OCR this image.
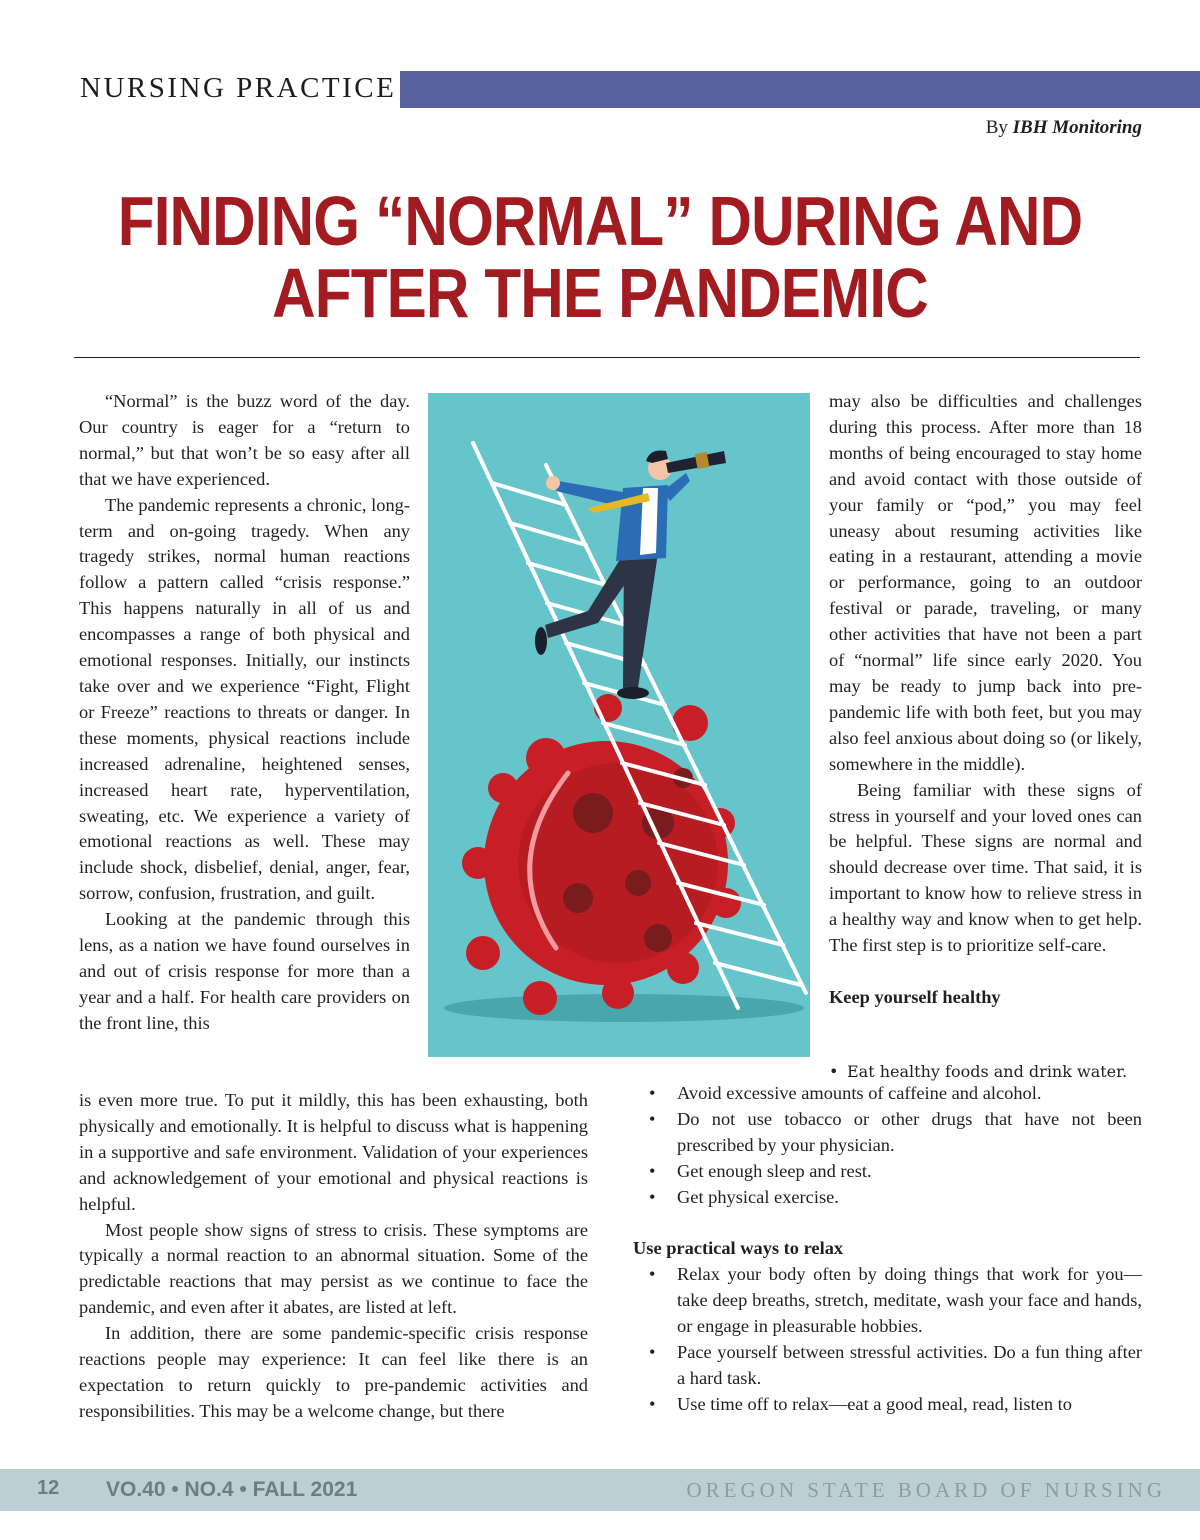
NURSING PRACTICE
By IBH Monitoring
FINDING “NORMAL” DURING AND
AFTER THE PANDEMIC

“Normal” is the buzz word of the day. Our country is eager for a “return to normal,” but that won’t be so easy after all that we have experienced.

The pandemic represents a chronic, long-term and on-going tragedy. When any tragedy strikes, normal human reactions follow a pattern called “crisis response.” This happens naturally in all of us and encompasses a range of both physical and emotional responses. Initially, our instincts take over and we experience “Fight, Flight or Freeze” reactions to threats or danger. In these moments, physical reactions include increased adrenaline, heightened senses, increased heart rate, hyperventilation, sweating, etc. We experience a variety of emotional reactions as well. These may include shock, disbelief, denial, anger, fear, sorrow, confusion, frustration, and guilt.

Looking at the pandemic through this lens, as a nation we have found ourselves in and out of crisis response for more than a year and a half. For health care providers on the front line, this

is even more true. To put it mildly, this has been exhausting, both physically and emotionally. It is helpful to discuss what is happening in a supportive and safe environment. Validation of your experiences and acknowledgement of your emotional and physical reactions is helpful.

Most people show signs of stress to crisis. These symptoms are typically a normal reaction to an abnormal situation. Some of the predictable reactions that may persist as we continue to face the pandemic, and even after it abates, are listed at left.

In addition, there are some pandemic-specific crisis response reactions people may experience: It can feel like there is an expectation to return quickly to pre-pandemic activities and responsibilities. This may be a welcome change, but there

may also be difficulties and challenges during this process. After more than 18 months of being encouraged to stay home and avoid contact with those outside of your family or “pod,” you may feel uneasy about resuming activities like eating in a restaurant, attending a movie or performance, going to an outdoor festival or parade, traveling, or many other activities that have not been a part of “normal” life since early 2020. You may be ready to jump back into pre-pandemic life with both feet, but you may also feel anxious about doing so (or likely, somewhere in the middle).

Being familiar with these signs of stress in yourself and your loved ones can be helpful. These signs are normal and should decrease over time. That said, it is important to know how to relieve stress in a healthy way and know when to get help. The first step is to prioritize self-care.

Keep yourself healthy
• Eat healthy foods and drink water.
• Avoid excessive amounts of caffeine and alcohol.
• Do not use tobacco or other drugs that have not been prescribed by your physician.
• Get enough sleep and rest.
• Get physical exercise.
Use practical ways to relax
• Relax your body often by doing things that work for you—take deep breaths, stretch, meditate, wash your face and hands, or engage in pleasurable hobbies.
• Pace yourself between stressful activities. Do a fun thing after a hard task.
• Use time off to relax—eat a good meal, read, listen to
12 VO.40 • NO.4 • FALL 2021	OREGON STATE BOARD OF NURSING
